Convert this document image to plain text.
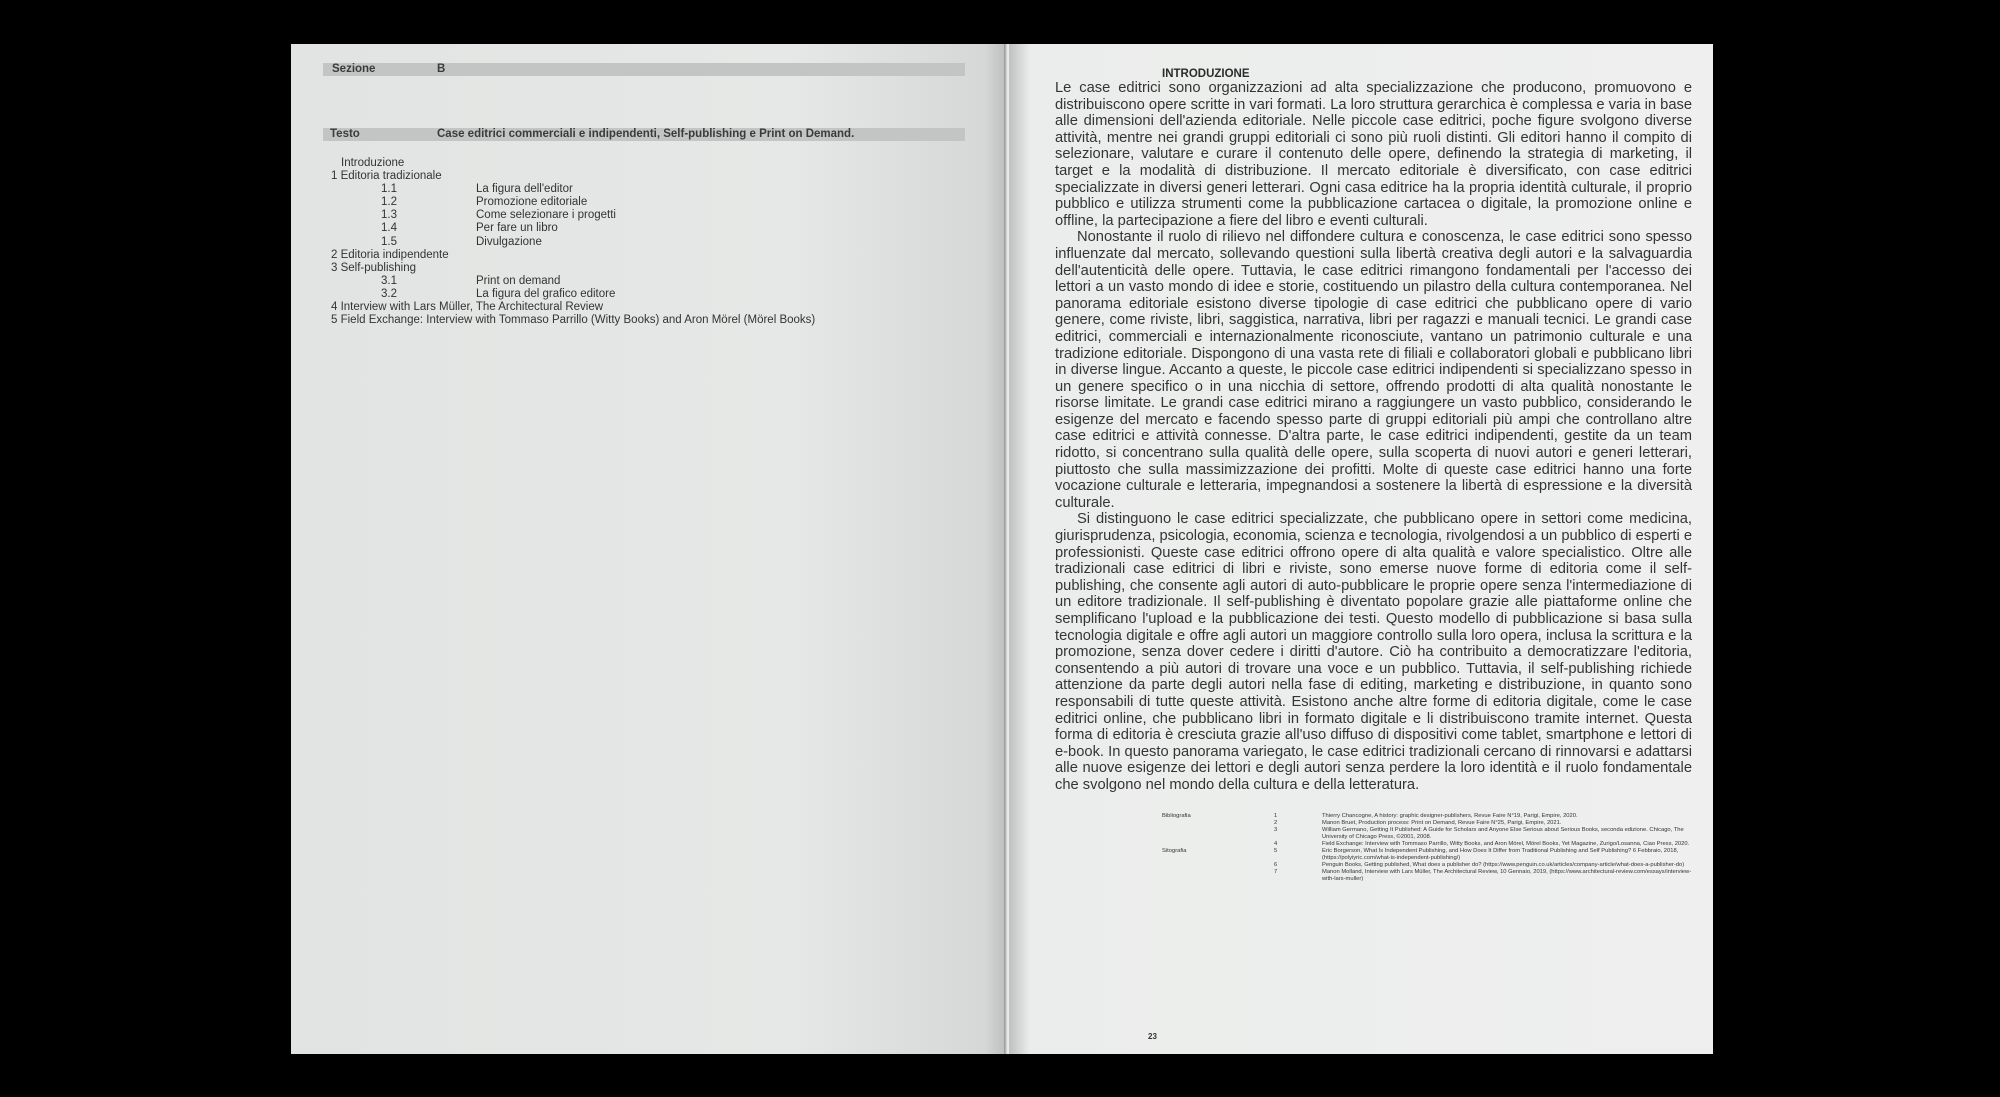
Sezione	B
Testo	Case editrici commerciali e indipendenti, Self-publishing e Print on Demand.
Introduzione
1 Editoria tradizionale
1.1	La figura dell'editor
1.2	Promozione editoriale
1.3	Come selezionare i progetti
1.4	Per fare un libro
1.5	Divulgazione
2 Editoria indipendente
3 Self-publishing
3.1	Print on demand
3.2	La figura del grafico editore
4 Interview with Lars Müller, The Architectural Review
5 Field Exchange: Interview with Tommaso Parrillo (Witty Books) and Aron Mörel (Mörel Books)
INTRODUZIONE

Le case editrici sono organizzazioni ad alta specializzazione che producono, promuovono e distribuiscono opere scritte in vari formati. La loro struttura gerarchica è complessa e varia in base alle dimensioni dell'azienda editoriale. Nelle piccole case editrici, poche figure svolgono diverse attività, mentre nei grandi gruppi editoriali ci sono più ruoli distinti. Gli editori hanno il compito di selezionare, valutare e curare il contenuto delle opere, definendo la strategia di marketing, il target e la modalità di distribuzione. Il mercato editoriale è diversificato, con case editrici specializzate in diversi generi letterari. Ogni casa editrice ha la propria identità culturale, il proprio pubblico e utilizza strumenti come la pubblicazione cartacea o digitale, la promozione online e offline, la partecipazione a fiere del libro e eventi culturali.

Nonostante il ruolo di rilievo nel diffondere cultura e conoscenza, le case editrici sono spesso influenzate dal mercato, sollevando questioni sulla libertà creativa degli autori e la salvaguardia dell'autenticità delle opere. Tuttavia, le case editrici rimangono fondamentali per l'accesso dei lettori a un vasto mondo di idee e storie, costituendo un pilastro della cultura contemporanea. Nel panorama editoriale esistono diverse tipologie di case editrici che pubblicano opere di vario genere, come riviste, libri, saggistica, narrativa, libri per ragazzi e manuali tecnici. Le grandi case editrici, commerciali e internazionalmente riconosciute, vantano un patrimonio culturale e una tradizione editoriale. Dispongono di una vasta rete di filiali e collaboratori globali e pubblicano libri in diverse lingue. Accanto a queste, le piccole case editrici indipendenti si specializzano spesso in un genere specifico o in una nicchia di settore, offrendo prodotti di alta qualità nonostante le risorse limitate. Le grandi case editrici mirano a raggiungere un vasto pubblico, considerando le esigenze del mercato e facendo spesso parte di gruppi editoriali più ampi che controllano altre case editrici e attività connesse. D'altra parte, le case editrici indipendenti, gestite da un team ridotto, si concentrano sulla qualità delle opere, sulla scoperta di nuovi autori e generi letterari, piuttosto che sulla massimizzazione dei profitti. Molte di queste case editrici hanno una forte vocazione culturale e letteraria, impegnandosi a sostenere la libertà di espressione e la diversità culturale.

Si distinguono le case editrici specializzate, che pubblicano opere in settori come medicina, giurisprudenza, psicologia, economia, scienza e tecnologia, rivolgendosi a un pubblico di esperti e professionisti. Queste case editrici offrono opere di alta qualità e valore specialistico. Oltre alle tradizionali case editrici di libri e riviste, sono emerse nuove forme di editoria come il self-publishing, che consente agli autori di auto-pubblicare le proprie opere senza l'intermediazione di un editore tradizionale. Il self-publishing è diventato popolare grazie alle piattaforme online che semplificano l'upload e la pubblicazione dei testi. Questo modello di pubblicazione si basa sulla tecnologia digitale e offre agli autori un maggiore controllo sulla loro opera, inclusa la scrittura e la promozione, senza dover cedere i diritti d'autore. Ciò ha contribuito a democratizzare l'editoria, consentendo a più autori di trovare una voce e un pubblico. Tuttavia, il self-publishing richiede attenzione da parte degli autori nella fase di editing, marketing e distribuzione, in quanto sono responsabili di tutte queste attività. Esistono anche altre forme di editoria digitale, come le case editrici online, che pubblicano libri in formato digitale e li distribuiscono tramite internet. Questa forma di editoria è cresciuta grazie all'uso diffuso di dispositivi come tablet, smartphone e lettori di e-book. In questo panorama variegato, le case editrici tradizionali cercano di rinnovarsi e adattarsi alle nuove esigenze dei lettori e degli autori senza perdere la loro identità e il ruolo fondamentale che svolgono nel mondo della cultura e della letteratura.

Bibliografia	1	Thierry Chancogne, A history: graphic designer-publishers, Revue Faire N°19, Parigi, Empire, 2020.
2	Manon Bruet, Production process: Print on Demand, Revue Faire N°25, Parigi, Empire, 2021.
3	William Germano, Getting It Published: A Guide for Scholars and Anyone Else Serious about Serious Books, seconda edizione. Chicago, The University of Chicago Press, ©2001, 2008.
4	Field Exchange: Interview with Tommaso Parrillo, Witty Books, and Aron Mörel, Mörel Books, Yet Magazine, Zurigo/Losanna, Ciao Press, 2020.
Sitografia	5	Eric Borgerson, What Is Independent Publishing, and How Does It Differ from Traditional Publishing and Self Publishing? 6 Febbraio, 2018, (https://polyiyric.com/what-is-independent-publishing/)
6	Penguin Books, Getting published, What does a publisher do? (https://www.penguin.co.uk/articles/company-article/what-does-a-publisher-do)
7	Manon Molland, Interview with Lars Müller, The Architectural Review, 10 Gennaio, 2019, (https://www.architectural-review.com/essays/interview-with-lars-muller)
23
